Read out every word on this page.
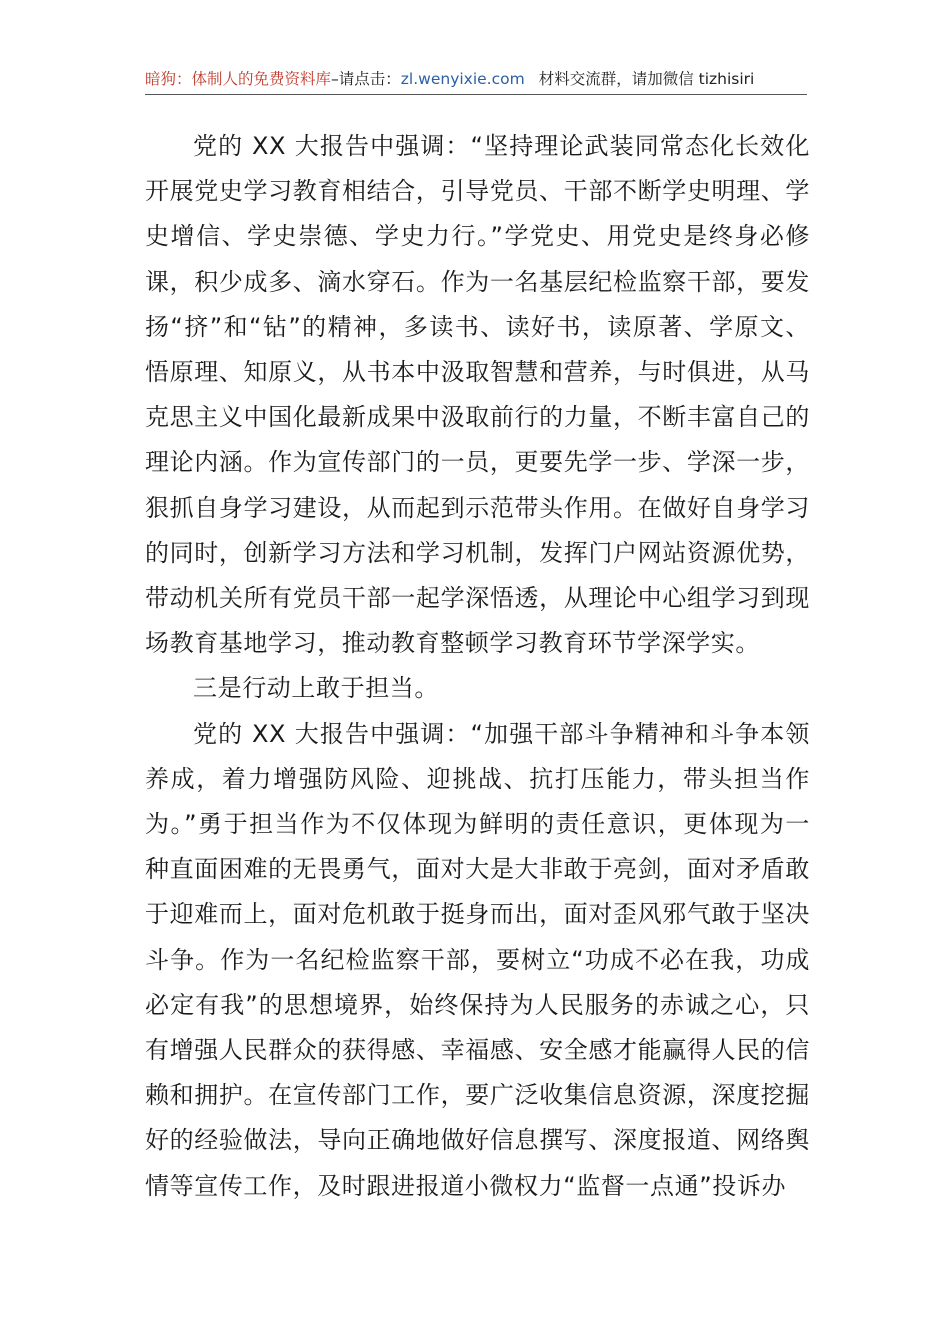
暗狗：体制人的免费资料库–请点击：zl.wenyixie.com 材料交流群，请加微信 tizhisiri

党的 XX 大报告中强调：“坚持理论武装同常态化长效化开展党史学习教育相结合，引导党员、干部不断学史明理、学史增信、学史崇德、学史力行。”学党史、用党史是终身必修课，积少成多、滴水穿石。作为一名基层纪检监察干部，要发扬“挤”和“钻”的精神，多读书、读好书，读原著、学原文、悟原理、知原义，从书本中汲取智慧和营养，与时俱进，从马克思主义中国化最新成果中汲取前行的力量，不断丰富自己的理论内涵。作为宣传部门的一员，更要先学一步、学深一步，狠抓自身学习建设，从而起到示范带头作用。在做好自身学习的同时，创新学习方法和学习机制，发挥门户网站资源优势，带动机关所有党员干部一起学深悟透，从理论中心组学习到现场教育基地学习，推动教育整顿学习教育环节学深学实。

三是行动上敢于担当。

党的 XX 大报告中强调：“加强干部斗争精神和斗争本领养成，着力增强防风险、迎挑战、抗打压能力，带头担当作为。”勇于担当作为不仅体现为鲜明的责任意识，更体现为一种直面困难的无畏勇气，面对大是大非敢于亮剑，面对矛盾敢于迎难而上，面对危机敢于挺身而出，面对歪风邪气敢于坚决斗争。作为一名纪检监察干部，要树立“功成不必在我，功成必定有我”的思想境界，始终保持为人民服务的赤诚之心，只有增强人民群众的获得感、幸福感、安全感才能赢得人民的信赖和拥护。在宣传部门工作，要广泛收集信息资源，深度挖掘好的经验做法，导向正确地做好信息撰写、深度报道、网络舆情等宣传工作，及时跟进报道小微权力“监督一点通”投诉办
